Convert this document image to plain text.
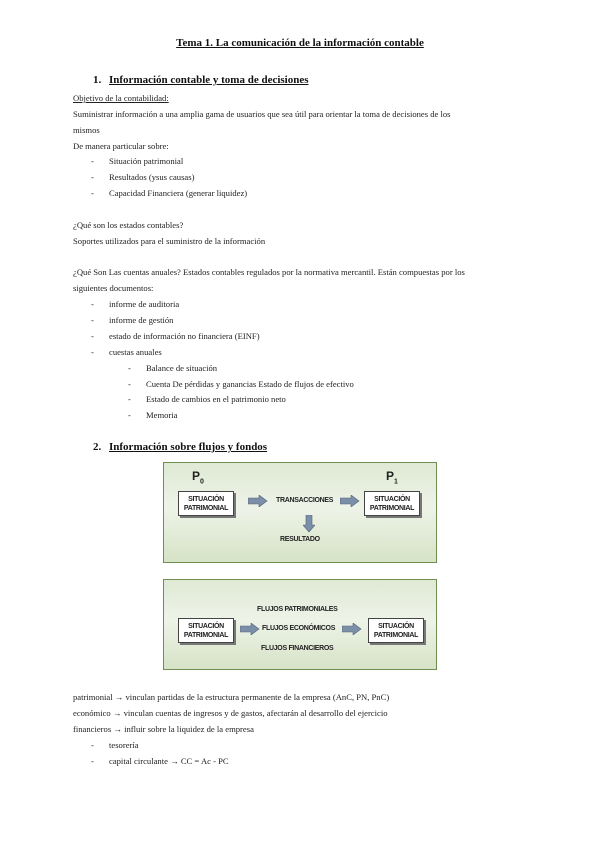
Tema 1. La comunicación de la información contable
1. Información contable y toma de decisiones
Objetivo de la contabilidad:
Suministrar información a una amplia gama de usuarios que sea útil para orientar la toma de decisiones de los
mismos
De manera particular sobre:
- Situación patrimonial
- Resultados (ysus causas)
- Capacidad Financiera (generar liquidez)
¿Qué son los estados contables?
Soportes utilizados para el suministro de la información
¿Qué Son Las cuentas anuales? Estados contables regulados por la normativa mercantil. Están compuestas por los
siguientes documentos:
- informe de auditoria
- informe de gestión
- estado de información no financiera (EINF)
- cuestas anuales
- Balance de situación
- Cuenta De pérdidas y ganancias Estado de flujos de efectivo
- Estado de cambios en el patrimonio neto
- Memoria
2. Información sobre flujos y fondos
$P_0$	$P_1$
SITUACIÓN
PATRIMONIAL
TRANSACCIONES	SITUACIÓN
PATRIMONIAL
RESULTADO
FLUJOS PATRIMONIALES
SITUACIÓN
PATRIMONIAL
FLUJOS ECONÓMICOS	SITUACIÓN
PATRIMONIAL
FLUJOS FINANCIEROS
patrimonial → vinculan partidas de la estructura permanente de la empresa (AnC, PN, PnC)
económico → vinculan cuentas de ingresos y de gastos, afectarán al desarrollo del ejercicio
financieros → influir sobre la liquidez de la empresa
- tesorería
- capital circulante → CC = Ac - PC
